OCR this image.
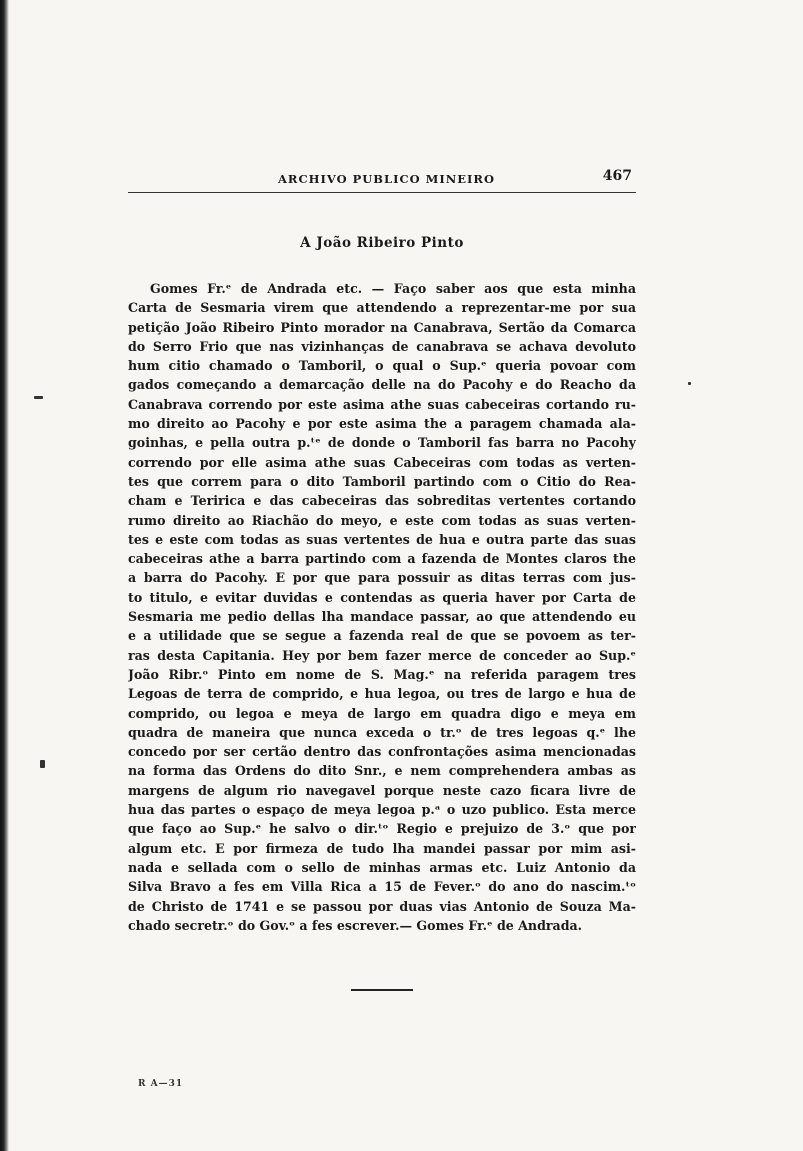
ARCHIVO PUBLICO MINEIRO	467
A João Ribeiro Pinto
Gomes Fr.ᵉ de Andrada etc. — Faço saber aos que esta minha
Carta de Sesmaria virem que attendendo a reprezentar-me por sua
petição João Ribeiro Pinto morador na Canabrava, Sertão da Comarca
do Serro Frio que nas vizinhanças de canabrava se achava devoluto
hum citio chamado o Tamboril, o qual o Sup.ᵉ queria povoar com
gados começando a demarcação delle na do Pacohy e do Reacho da
Canabrava correndo por este asima athe suas cabeceiras cortando ru-
mo direito ao Pacohy e por este asima the a paragem chamada ala-
goinhas, e pella outra p.ᵗᵉ de donde o Tamboril fas barra no Pacohy
correndo por elle asima athe suas Cabeceiras com todas as verten-
tes que correm para o dito Tamboril partindo com o Citio do Rea-
cham e Teririca e das cabeceiras das sobreditas vertentes cortando
rumo direito ao Riachão do meyo, e este com todas as suas verten-
tes e este com todas as suas vertentes de hua e outra parte das suas
cabeceiras athe a barra partindo com a fazenda de Montes claros the
a barra do Pacohy. E por que para possuir as ditas terras com jus-
to titulo, e evitar duvidas e contendas as queria haver por Carta de
Sesmaria me pedio dellas lha mandace passar, ao que attendendo eu
e a utilidade que se segue a fazenda real de que se povoem as ter-
ras desta Capitania. Hey por bem fazer merce de conceder ao Sup.ᵉ
João Ribr.ᵒ Pinto em nome de S. Mag.ᵉ na referida paragem tres
Legoas de terra de comprido, e hua legoa, ou tres de largo e hua de
comprido, ou legoa e meya de largo em quadra digo e meya em
quadra de maneira que nunca exceda o tr.ᵒ de tres legoas q.ᵉ lhe
concedo por ser certão dentro das confrontações asima mencionadas
na forma das Ordens do dito Snr., e nem comprehendera ambas as
margens de algum rio navegavel porque neste cazo ficara livre de
hua das partes o espaço de meya legoa p.ᵃ o uzo publico. Esta merce
que faço ao Sup.ᵉ he salvo o dir.ᵗᵒ Regio e prejuizo de 3.ᵒ que por
algum etc. E por firmeza de tudo lha mandei passar por mim asi-
nada e sellada com o sello de minhas armas etc. Luiz Antonio da
Silva Bravo a fes em Villa Rica a 15 de Fever.ᵒ do ano do nascim.ᵗᵒ
de Christo de 1741 e se passou por duas vias Antonio de Souza Ma-
chado secretr.ᵒ do Gov.ᵒ a fes escrever.— Gomes Fr.ᵉ de Andrada.
R A—31
